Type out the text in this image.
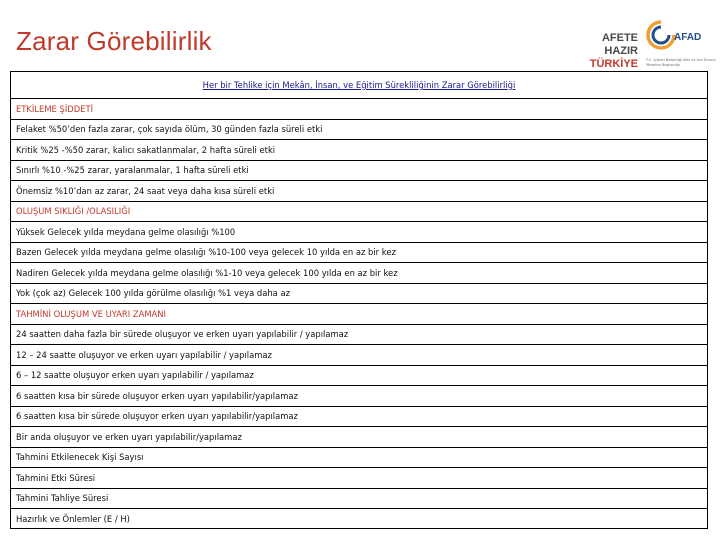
Zarar Görebilirlik	AFETE HAZIR
TÜRKİYE
AFAD
T.C. İçişleri Bakanlığı Afet ve Acil Durum Yönetimi Başkanlığı
Her bir Tehlike için Mekân, İnsan, ve Eğitim Sürekliliğinin Zarar Görebilirliği
ETKİLEME ŞİDDETİ
Felaket %50’den fazla zarar, çok sayıda ölüm, 30 günden fazla süreli etki
Kritik %25 -%50 zarar, kalıcı sakatlanmalar, 2 hafta süreli etki
Sınırlı %10 -%25 zarar, yaralanmalar, 1 hafta süreli etki
Önemsiz %10’dan az zarar, 24 saat veya daha kısa süreli etki
OLUŞUM SIKLIĞI /OLASILIĞI
Yüksek Gelecek yılda meydana gelme olasılığı %100
Bazen Gelecek yılda meydana gelme olasılığı %10-100 veya gelecek 10 yılda en az bir kez
Nadiren Gelecek yılda meydana gelme olasılığı %1-10 veya gelecek 100 yılda en az bir kez
Yok (çok az) Gelecek 100 yılda görülme olasılığı %1 veya daha az
TAHMİNİ OLUŞUM VE UYARI ZAMANI
24 saatten daha fazla bir sürede oluşuyor ve erken uyarı yapılabilir / yapılamaz
12 – 24 saatte oluşuyor ve erken uyarı yapılabilir / yapılamaz
6 – 12 saatte oluşuyor erken uyarı yapılabilir / yapılamaz
6 saatten kısa bir sürede oluşuyor erken uyarı yapılabilir/yapılamaz
6 saatten kısa bir sürede oluşuyor erken uyarı yapılabilir/yapılamaz
Bir anda oluşuyor ve erken uyarı yapılabilir/yapılamaz
Tahmini Etkilenecek Kişi Sayısı
Tahmini Etki Süresi
Tahmini Tahliye Süresi
Hazırlık ve Önlemler (E / H)
